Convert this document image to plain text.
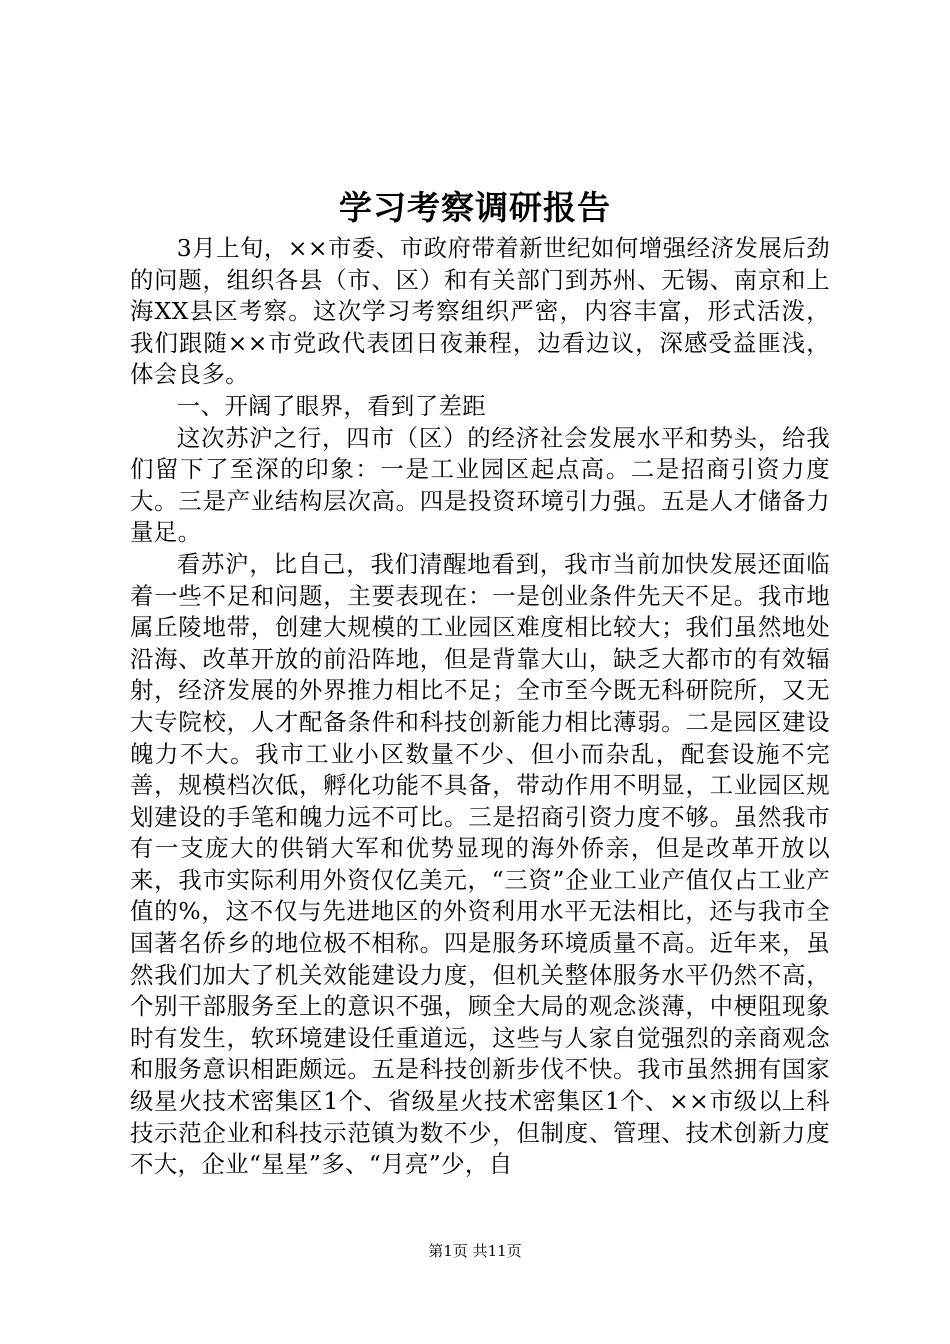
学习考察调研报告

3月上旬，××市委、市政府带着新世纪如何增强经济发展后劲的问题，组织各县（市、区）和有关部门到苏州、无锡、南京和上海XX县区考察。这次学习考察组织严密，内容丰富，形式活泼，我们跟随××市党政代表团日夜兼程，边看边议，深感受益匪浅，体会良多。

一、开阔了眼界，看到了差距

这次苏沪之行，四市（区）的经济社会发展水平和势头，给我们留下了至深的印象：一是工业园区起点高。二是招商引资力度大。三是产业结构层次高。四是投资环境引力强。五是人才储备力量足。

看苏沪，比自己，我们清醒地看到，我市当前加快发展还面临着一些不足和问题，主要表现在：一是创业条件先天不足。我市地属丘陵地带，创建大规模的工业园区难度相比较大；我们虽然地处沿海、改革开放的前沿阵地，但是背靠大山，缺乏大都市的有效辐射，经济发展的外界推力相比不足；全市至今既无科研院所，又无大专院校，人才配备条件和科技创新能力相比薄弱。二是园区建设魄力不大。我市工业小区数量不少、但小而杂乱，配套设施不完善，规模档次低，孵化功能不具备，带动作用不明显，工业园区规划建设的手笔和魄力远不可比。三是招商引资力度不够。虽然我市有一支庞大的供销大军和优势显现的海外侨亲，但是改革开放以来，我市实际利用外资仅亿美元，“三资”企业工业产值仅占工业产值的%，这不仅与先进地区的外资利用水平无法相比，还与我市全国著名侨乡的地位极不相称。四是服务环境质量不高。近年来，虽然我们加大了机关效能建设力度，但机关整体服务水平仍然不高，个别干部服务至上的意识不强，顾全大局的观念淡薄，中梗阻现象时有发生，软环境建设任重道远，这些与人家自觉强烈的亲商观念和服务意识相距颇远。五是科技创新步伐不快。我市虽然拥有国家级星火技术密集区1个、省级星火技术密集区1个、××市级以上科技示范企业和科技示范镇为数不少，但制度、管理、技术创新力度不大，企业“星星”多、“月亮”少，自

第1页 共11页
